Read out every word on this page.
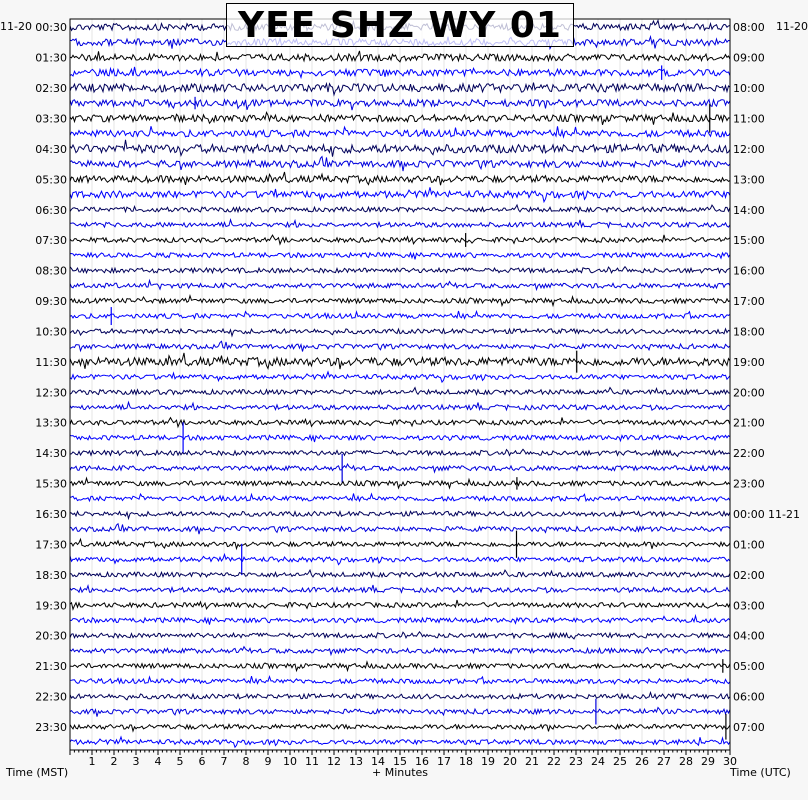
1 2 3 4 5 6 7 8 9 10 11 12 13 14 15 16 17 18 19 20 21 22 23 24 25 26 27 28 29 30
00:30
01:30
02:30
03:30
04:30
05:30
06:30
07:30
08:30
09:30
10:30
11:30
12:30
13:30
14:30
15:30
16:30
17:30
18:30
19:30
20:30
21:30
22:30
23:30
08:00
09:00
10:00
11:00
12:00
13:00
14:00
15:00
16:00
17:00
18:00
19:00
20:00
21:00
22:00
23:00
00:00
01:00
02:00
03:00
04:00
05:00
06:00
07:00
11-21
YEE SHZ WY 01
11-20	11-20
Time (MST)	+ Minutes	Time (UTC)
